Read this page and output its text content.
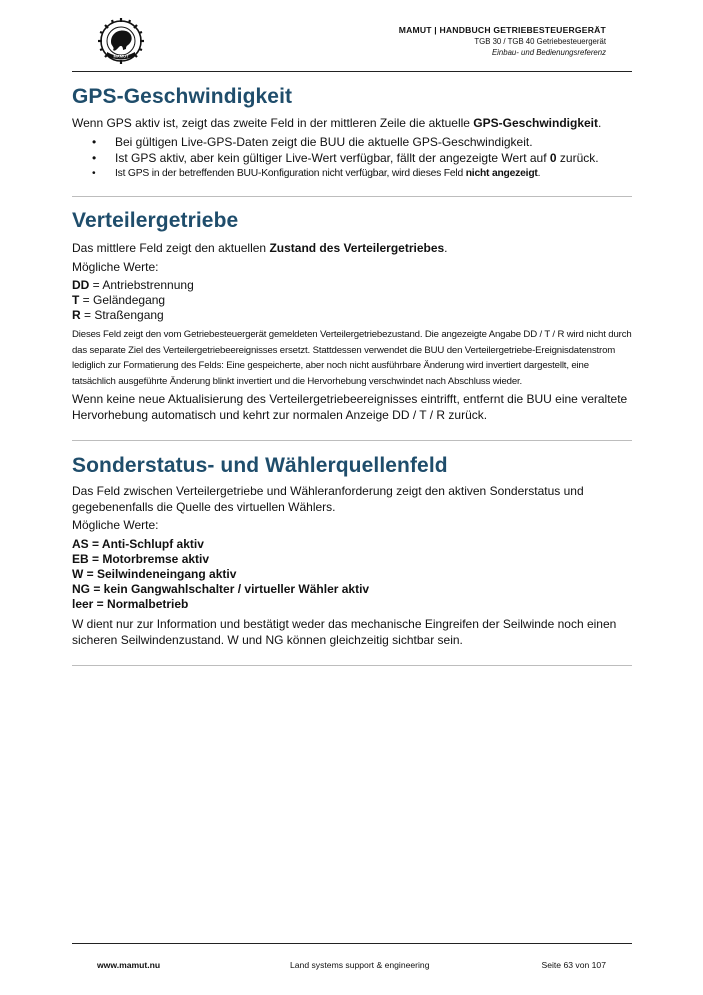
MAMUT
MAMUT | HANDBUCH GETRIEBESTEUERGERÄT
TGB 30 / TGB 40 Getriebesteuergerät
Einbau- und Bedienungsreferenz
GPS-Geschwindigkeit

Wenn GPS aktiv ist, zeigt das zweite Feld in der mittleren Zeile die aktuelle GPS-Geschwindigkeit.

• Bei gültigen Live-GPS-Daten zeigt die BUU die aktuelle GPS-Geschwindigkeit.
• Ist GPS aktiv, aber kein gültiger Live-Wert verfügbar, fällt der angezeigte Wert auf 0 zurück.
• Ist GPS in der betreffenden BUU-Konfiguration nicht verfügbar, wird dieses Feld nicht angezeigt.
Verteilergetriebe

Das mittlere Feld zeigt den aktuellen Zustand des Verteilergetriebes.

Mögliche Werte:

DD = Antriebstrennung
T = Geländegang
R = Straßengang

Dieses Feld zeigt den vom Getriebesteuergerät gemeldeten Verteilergetriebezustand. Die angezeigte Angabe DD / T / R wird nicht durch das separate Ziel des Verteilergetriebeereignisses ersetzt. Stattdessen verwendet die BUU den Verteilergetriebe-Ereignisdatenstrom lediglich zur Formatierung des Felds: Eine gespeicherte, aber noch nicht ausführbare Änderung wird invertiert dargestellt, eine tatsächlich ausgeführte Änderung blinkt invertiert und die Hervorhebung verschwindet nach Abschluss wieder.

Wenn keine neue Aktualisierung des Verteilergetriebeereignisses eintrifft, entfernt die BUU eine veraltete Hervorhebung automatisch und kehrt zur normalen Anzeige DD / T / R zurück.

Sonderstatus- und Wählerquellenfeld

Das Feld zwischen Verteilergetriebe und Wähleranforderung zeigt den aktiven Sonderstatus und gegebenenfalls die Quelle des virtuellen Wählers.

Mögliche Werte:

AS = Anti-Schlupf aktiv
EB = Motorbremse aktiv
W = Seilwindeneingang aktiv
NG = kein Gangwahlschalter / virtueller Wähler aktiv
leer = Normalbetrieb

W dient nur zur Information und bestätigt weder das mechanische Eingreifen der Seilwinde noch einen sicheren Seilwindenzustand. W und NG können gleichzeitig sichtbar sein.

www.mamut.nu	Land systems support & engineering	Seite 63 von 107
